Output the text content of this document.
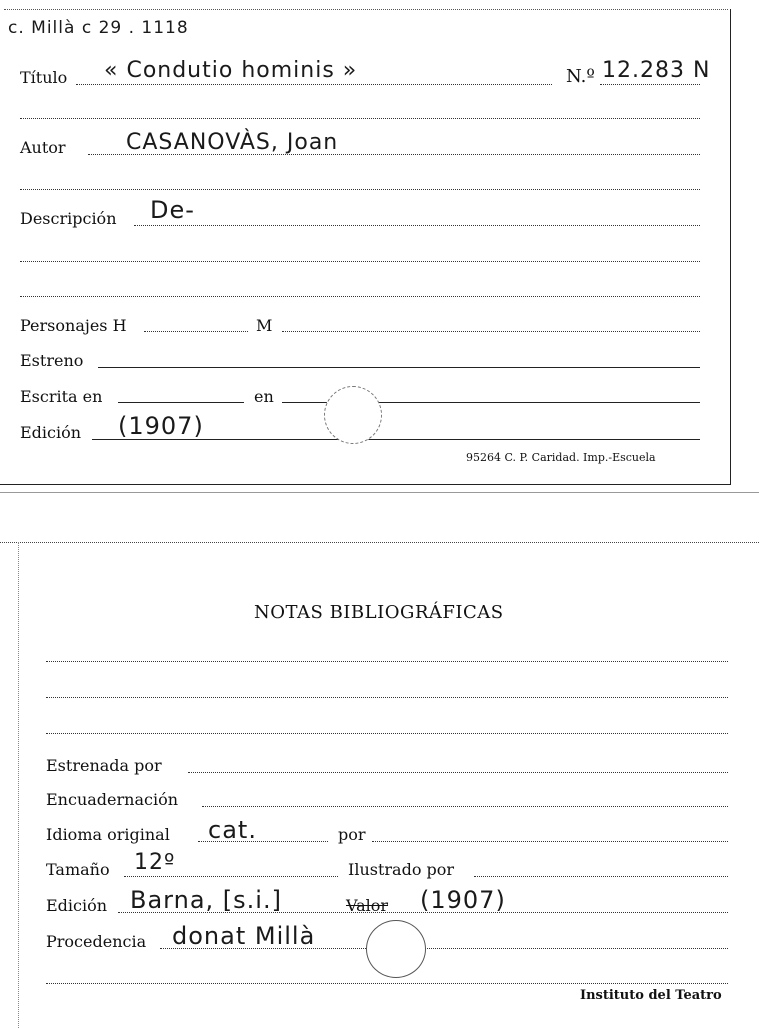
c. Millà c 29 . 1118
Título « Condutio hominis »	N.º 12.283 N
Autor	CASANOVÀS, Joan
Descripción De-
Personajes H	M
Estreno
Escrita en	en
Edición (1907)
95264 C. P. Caridad. Imp.-Escuela
NOTAS BIBLIOGRÁFICAS
Estrenada por
Encuadernación
Idioma original cat.	por
Tamaño 12º	Ilustrado por
Edición Barna, [s.i.]	Valor (1907)
Procedencia donat Millà
Instituto del Teatro
